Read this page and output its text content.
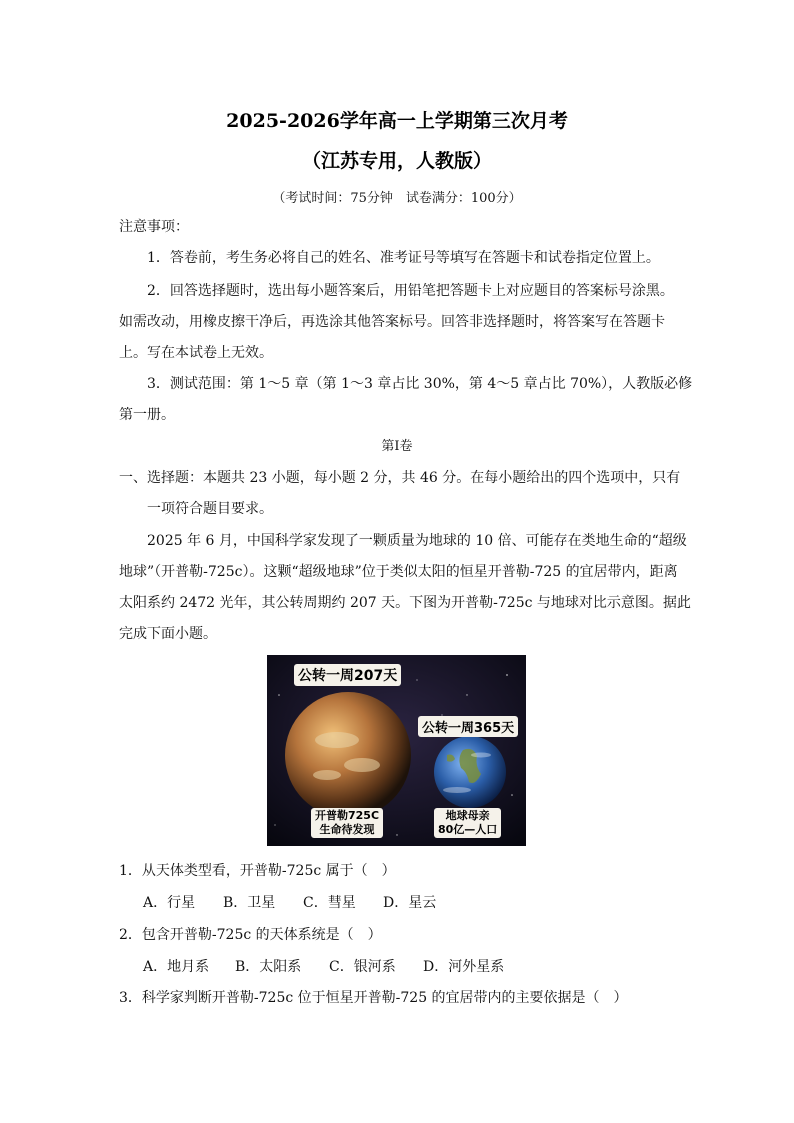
2025-2026学年高一上学期第三次月考
（江苏专用，人教版）
（考试时间：75分钟　试卷满分：100分）
注意事项：
1．答卷前，考生务必将自己的姓名、准考证号等填写在答题卡和试卷指定位置上。
2．回答选择题时，选出每小题答案后，用铅笔把答题卡上对应题目的答案标号涂黑。
如需改动，用橡皮擦干净后，再选涂其他答案标号。回答非选择题时，将答案写在答题卡
上。写在本试卷上无效。
3．测试范围：第 1～5 章（第 1～3 章占比 30%，第 4～5 章占比 70%），人教版必修
第一册。
第Ⅰ卷
一、选择题：本题共 23 小题，每小题 2 分，共 46 分。在每小题给出的四个选项中，只有
一项符合题目要求。
2025 年 6 月，中国科学家发现了一颗质量为地球的 10 倍、可能存在类地生命的“超级
地球”（开普勒-725c）。这颗“超级地球”位于类似太阳的恒星开普勒-725 的宜居带内，距离
太阳系约 2472 光年，其公转周期约 207 天。下图为开普勒-725c 与地球对比示意图。据此
完成下面小题。
公转一周207天
公转一周365天
开普勒725C
生命待发现
地球母亲
80亿—人口
1．从天体类型看，开普勒-725c 属于（　）
A．行星 B．卫星 C．彗星 D．星云
2．包含开普勒-725c 的天体系统是（　）
A．地月系 B．太阳系 C．银河系 D．河外星系
3．科学家判断开普勒-725c 位于恒星开普勒-725 的宜居带内的主要依据是（　）
